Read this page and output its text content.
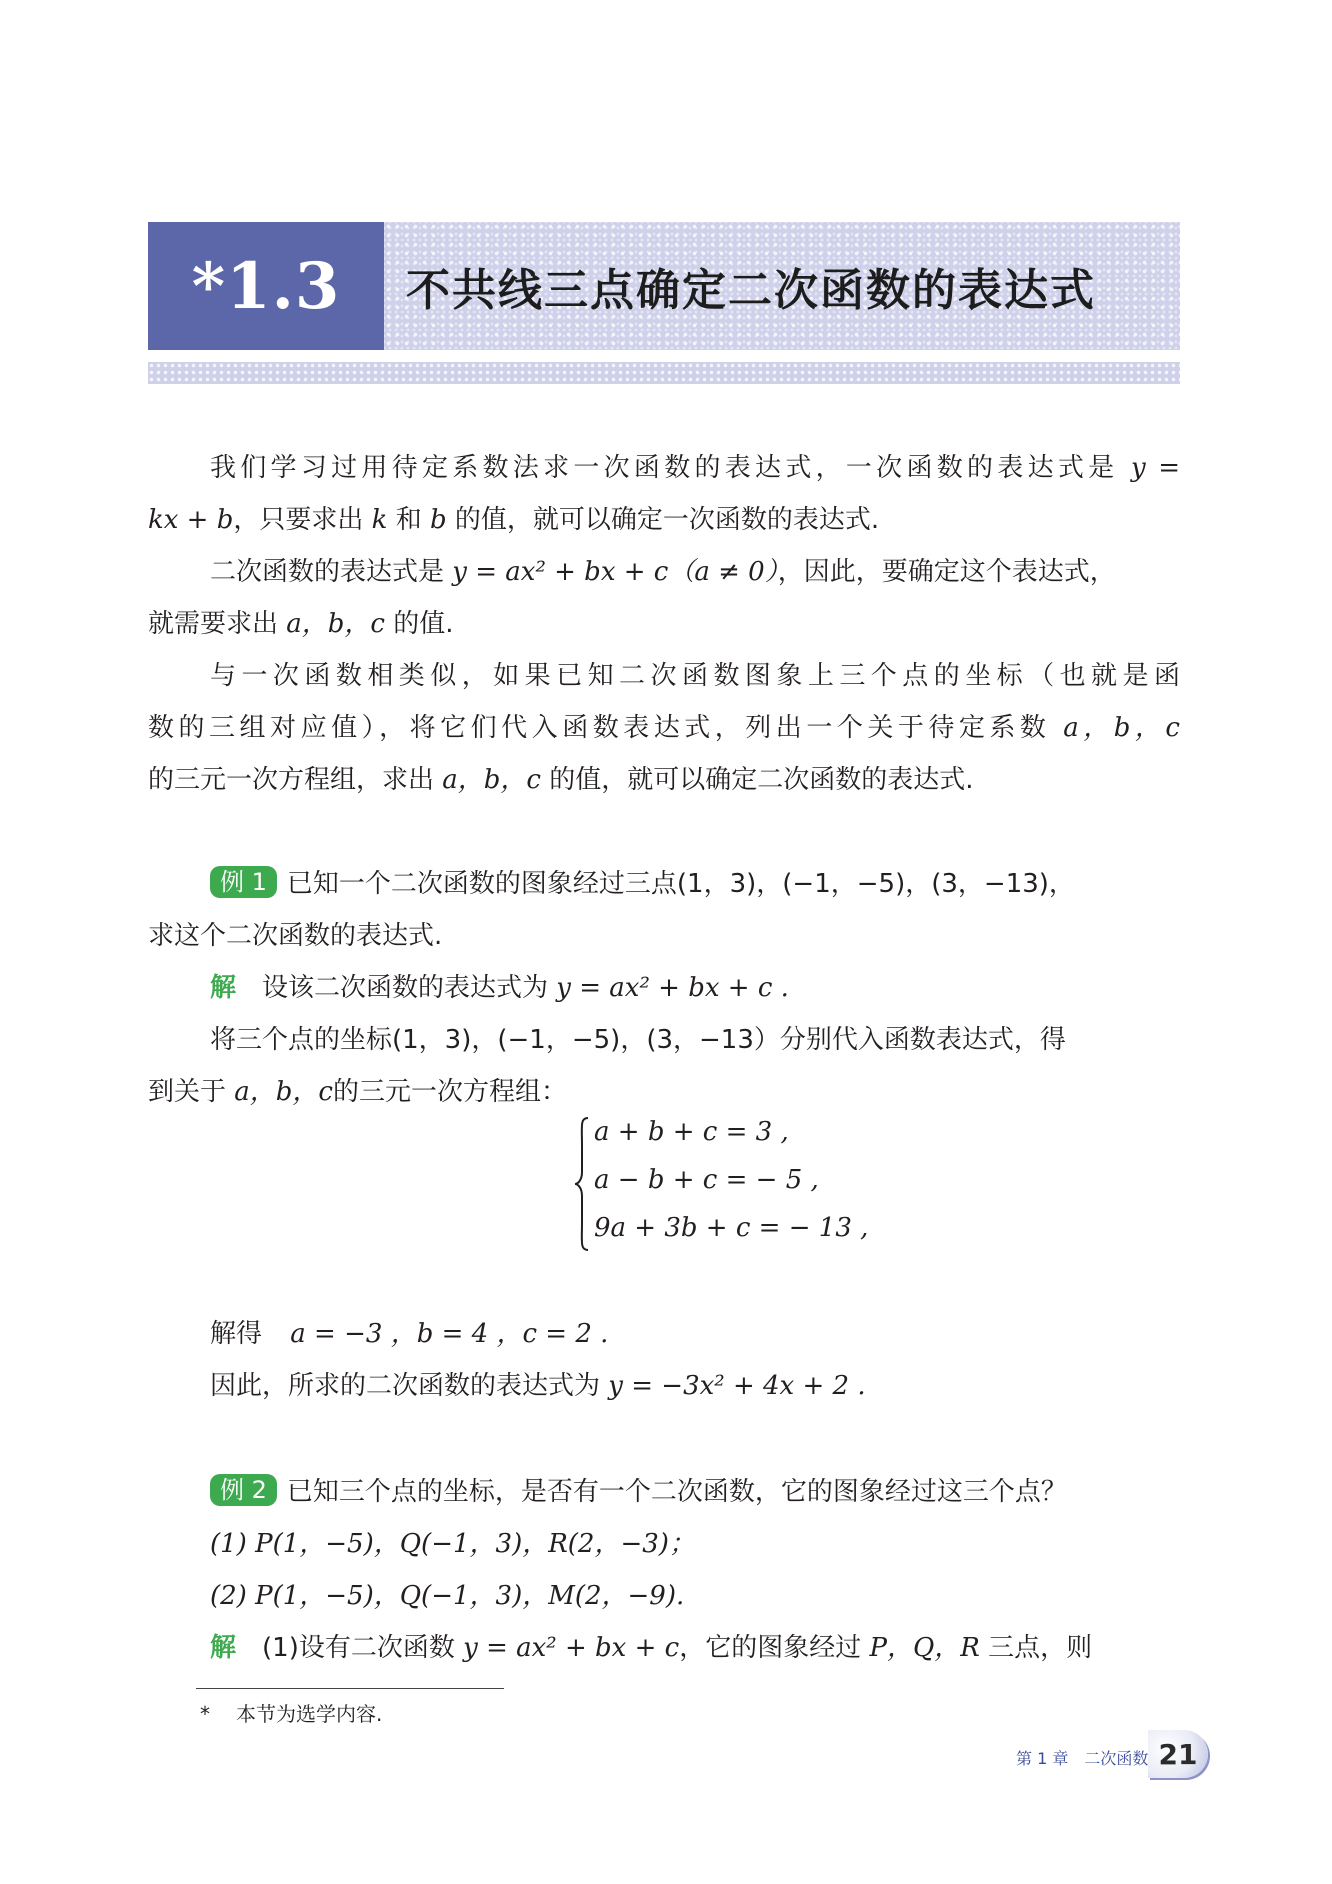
*1.3	不共线三点确定二次函数的表达式
我们学习过用待定系数法求一次函数的表达式，一次函数的表达式是 y =
kx + b，只要求出 k 和 b 的值，就可以确定一次函数的表达式.
二次函数的表达式是 y = ax² + bx + c（a ≠ 0），因此，要确定这个表达式，
就需要求出 a，b，c 的值.
与一次函数相类似，如果已知二次函数图象上三个点的坐标（也就是函
数的三组对应值），将它们代入函数表达式，列出一个关于待定系数 a，b，c
的三元一次方程组，求出 a，b，c 的值，就可以确定二次函数的表达式.
例 1 已知一个二次函数的图象经过三点(1，3)，(−1，−5)，(3，−13)，
求这个二次函数的表达式.
解 设该二次函数的表达式为 y = ax² + bx + c .
将三个点的坐标(1，3)，(−1，−5)，(3，−13）分别代入函数表达式，得
到关于 a，b，c的三元一次方程组：
a + b + c = 3 ,
a − b + c = − 5 ,
9a + 3b + c = − 13 ,
解得 a = −3 ，b = 4 ，c = 2 .
因此，所求的二次函数的表达式为 y = −3x² + 4x + 2 .
例 2 已知三个点的坐标，是否有一个二次函数，它的图象经过这三个点？
(1) P(1，−5)，Q(−1，3)，R(2，−3)；
(2) P(1，−5)，Q(−1，3)，M(2，−9).
解 (1)设有二次函数 y = ax² + bx + c，它的图象经过 P，Q，R 三点，则
* 本节为选学内容.
第 1 章 二次函数 21
